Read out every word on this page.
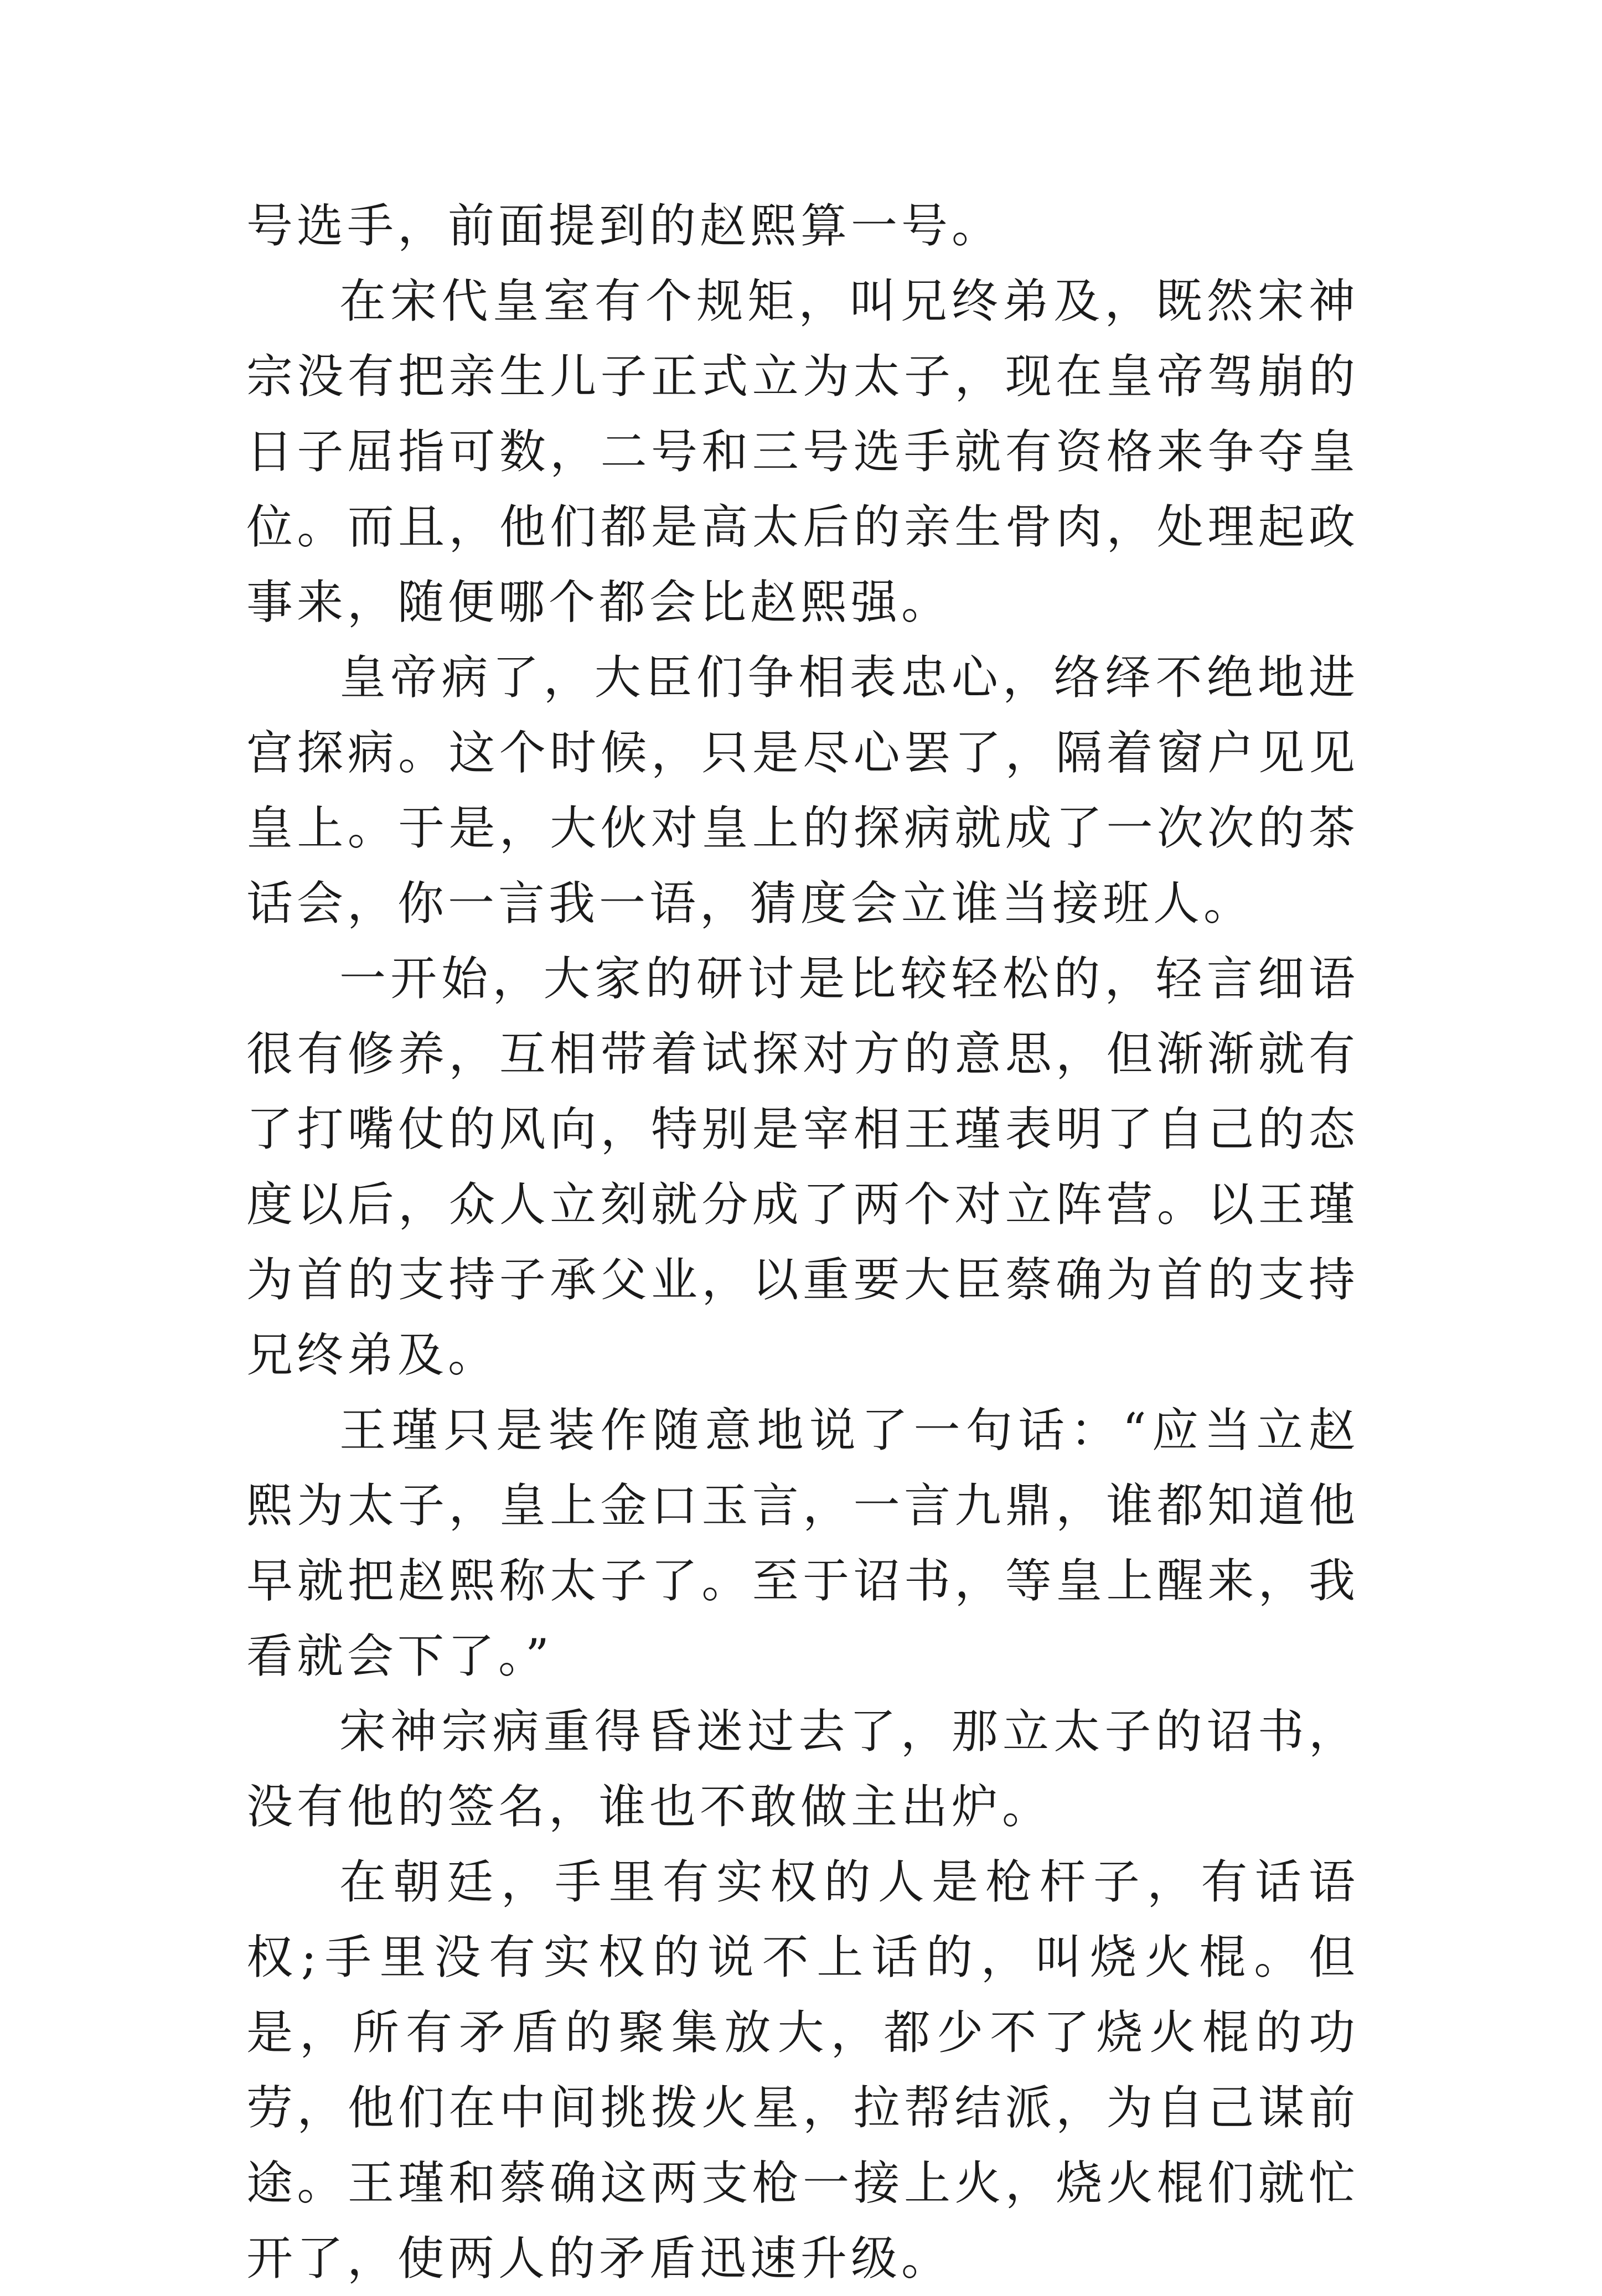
号选手，前面提到的赵熙算一号。

在宋代皇室有个规矩，叫兄终弟及，既然宋神宗没有把亲生儿子正式立为太子，现在皇帝驾崩的日子屈指可数，二号和三号选手就有资格来争夺皇位。而且，他们都是高太后的亲生骨肉，处理起政事来，随便哪个都会比赵熙强。

皇帝病了，大臣们争相表忠心，络绎不绝地进宫探病。这个时候，只是尽心罢了，隔着窗户见见皇上。于是，大伙对皇上的探病就成了一次次的茶话会，你一言我一语，猜度会立谁当接班人。

一开始，大家的研讨是比较轻松的，轻言细语很有修养，互相带着试探对方的意思，但渐渐就有了打嘴仗的风向，特别是宰相王瑾表明了自己的态度以后，众人立刻就分成了两个对立阵营。以王瑾为首的支持子承父业，以重要大臣蔡确为首的支持兄终弟及。

王瑾只是装作随意地说了一句话：“应当立赵熙为太子，皇上金口玉言，一言九鼎，谁都知道他早就把赵熙称太子了。至于诏书，等皇上醒来，我看就会下了。”

宋神宗病重得昏迷过去了，那立太子的诏书，没有他的签名，谁也不敢做主出炉。

在朝廷，手里有实权的人是枪杆子，有话语权;手里没有实权的说不上话的，叫烧火棍。但是，所有矛盾的聚集放大，都少不了烧火棍的功劳，他们在中间挑拨火星，拉帮结派，为自己谋前途。王瑾和蔡确这两支枪一接上火，烧火棍们就忙开了，使两人的矛盾迅速升级。
